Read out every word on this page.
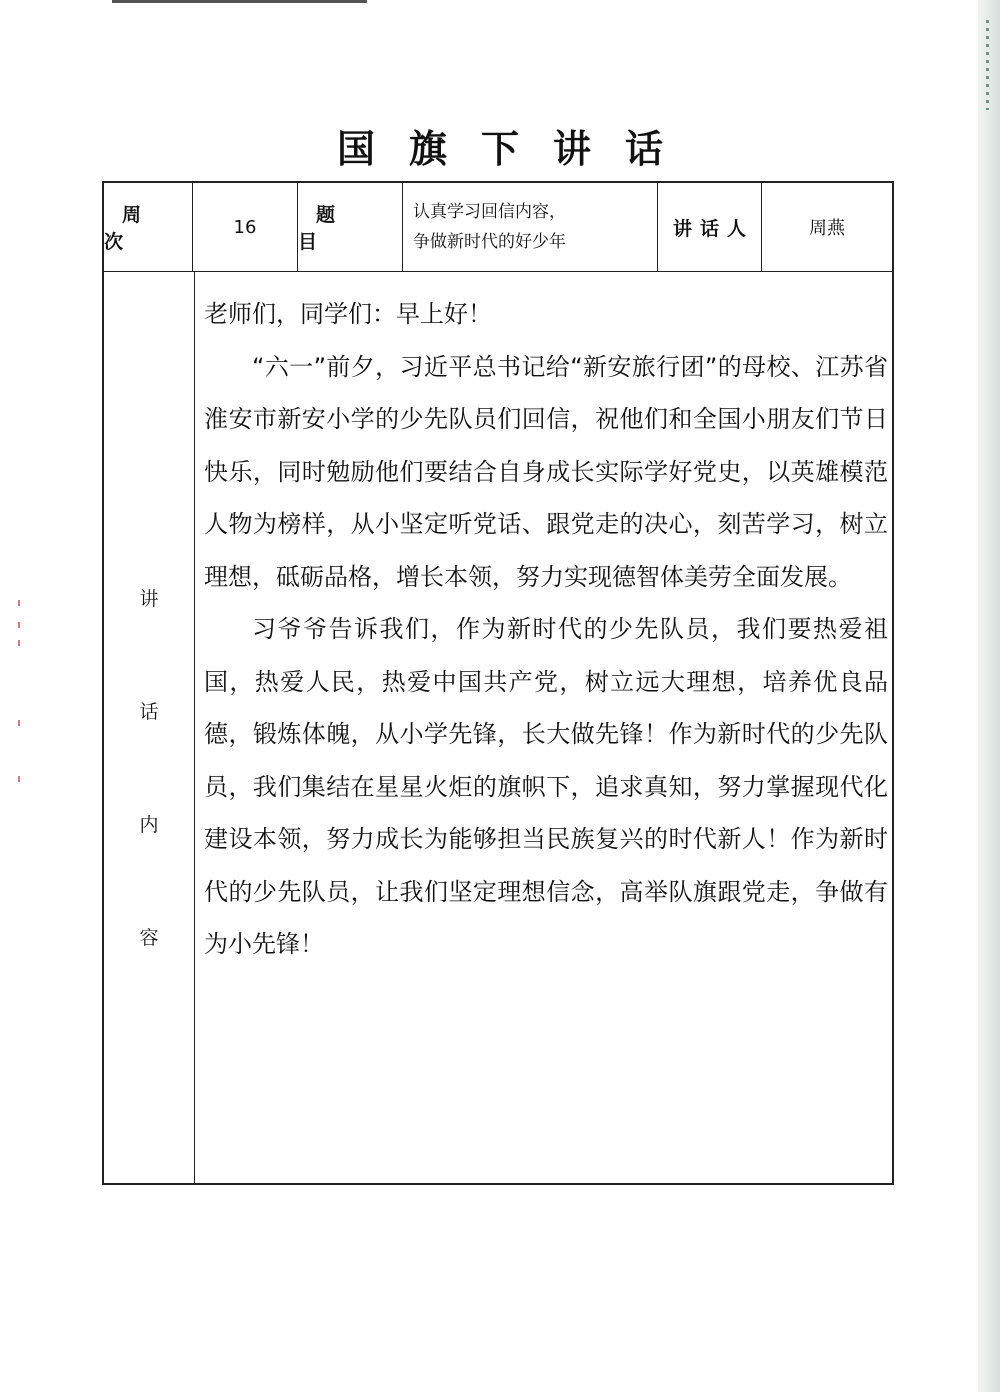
国旗下讲话
周 次
16
题 目
认真学习回信内容，
争做新时代的好少年
讲话人	周燕
讲
话
内
容

老师们，同学们：早上好！

“六一”前夕，习近平总书记给“新安旅行团”的母校、江苏省淮安市新安小学的少先队员们回信，祝他们和全国小朋友们节日快乐，同时勉励他们要结合自身成长实际学好党史，以英雄模范人物为榜样，从小坚定听党话、跟党走的决心，刻苦学习，树立理想，砥砺品格，增长本领，努力实现德智体美劳全面发展。

习爷爷告诉我们，作为新时代的少先队员，我们要热爱祖国，热爱人民，热爱中国共产党，树立远大理想，培养优良品德，锻炼体魄，从小学先锋，长大做先锋！作为新时代的少先队员，我们集结在星星火炬的旗帜下，追求真知，努力掌握现代化建设本领，努力成长为能够担当民族复兴的时代新人！作为新时代的少先队员，让我们坚定理想信念，高举队旗跟党走，争做有为小先锋！
